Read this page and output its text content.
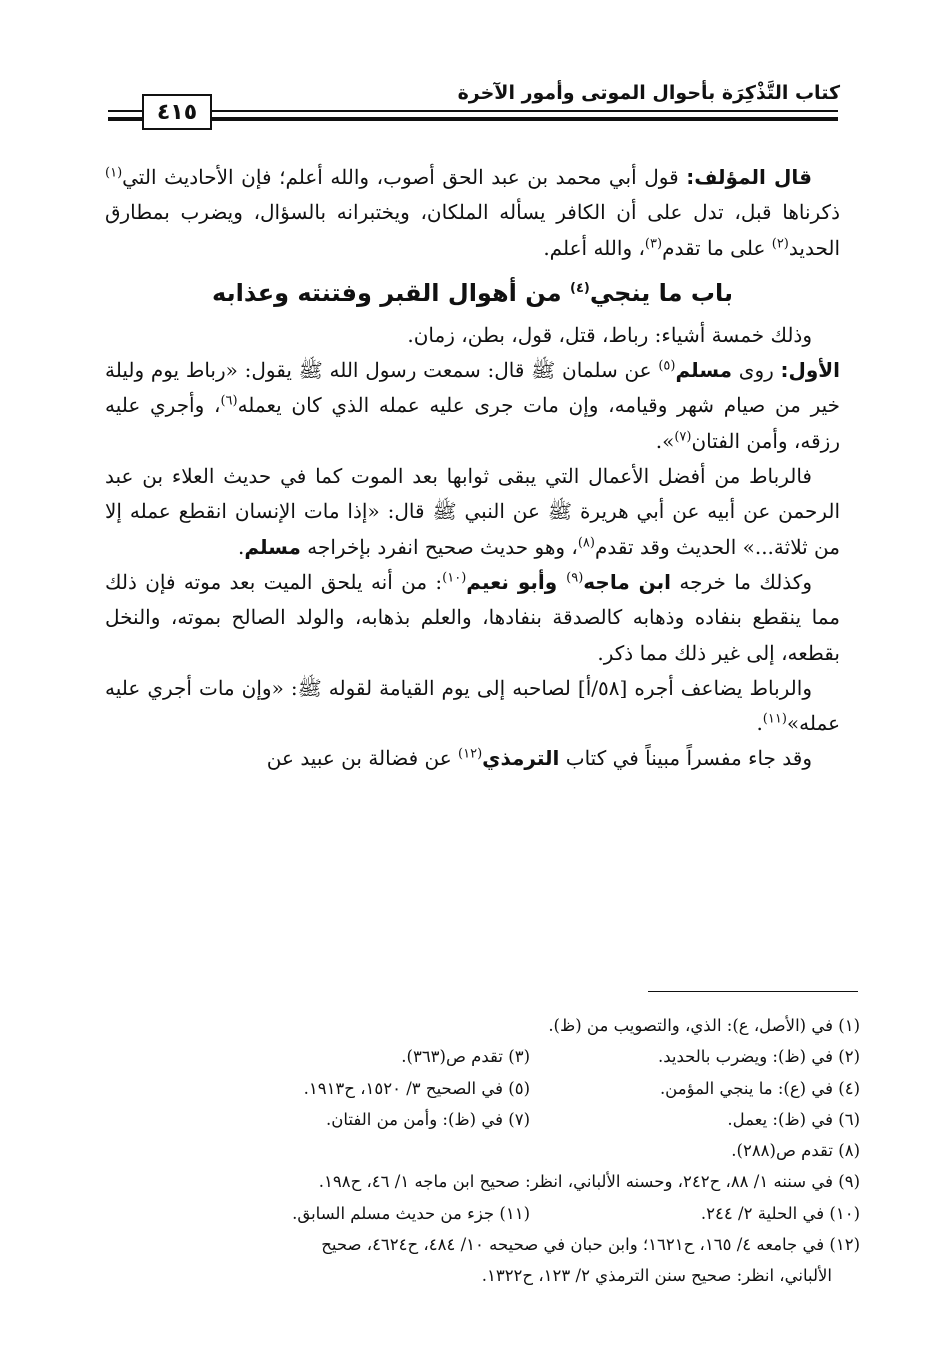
كتاب التَّذْكِرَة بأحوال الموتى وأمور الآخرة
٤١٥

قال المؤلف: قول أبي محمد بن عبد الحق أصوب، والله أعلم؛ فإن الأحاديث التي$^{(١)}$ ذكرناها قبل، تدل على أن الكافر يسأله الملكان، ويختبرانه بالسؤال، ويضرب بمطارق الحديد$^{(٢)}$ على ما تقدم$^{(٣)}$، والله أعلم.

باب ما ينجي$^{(٤)}$ من أهوال القبر وفتنته وعذابه

وذلك خمسة أشياء: رباط، قتل، قول، بطن، زمان.

الأول: روى مسلم$^{(٥)}$ عن سلمان ﷺ قال: سمعت رسول الله ﷺ يقول: «رباط يوم وليلة خير من صيام شهر وقيامه، وإن مات جرى عليه عمله الذي كان يعمله$^{(٦)}$، وأجري عليه رزقه، وأمن الفتان$^{(٧)}$».

فالرباط من أفضل الأعمال التي يبقى ثوابها بعد الموت كما في حديث العلاء بن عبد الرحمن عن أبيه عن أبي هريرة ﷺ عن النبي ﷺ قال: «إذا مات الإنسان انقطع عمله إلا من ثلاثة...» الحديث وقد تقدم$^{(٨)}$، وهو حديث صحيح انفرد بإخراجه مسلم.

وكذلك ما خرجه ابن ماجه$^{(٩)}$ وأبو نعيم$^{(١٠)}$: من أنه يلحق الميت بعد موته فإن ذلك مما ينقطع بنفاده وذهابه كالصدقة بنفادها، والعلم بذهابه، والولد الصالح بموته، والنخل بقطعه، إلى غير ذلك مما ذكر.

والرباط يضاعف أجره [٥٨/أ] لصاحبه إلى يوم القيامة لقوله ﷺ: «وإن مات أجري عليه عمله»$^{(١١)}$.

وقد جاء مفسراً مبيناً في كتاب الترمذي$^{(١٢)}$ عن فضالة بن عبيد عن

(١) في (الأصل، ع): الذي، والتصويب من (ظ).
(٢) في (ظ): ويضرب بالحديد.
(٣) تقدم ص(٣٦٣).
(٤) في (ع): ما ينجي المؤمن.
(٥) في الصحيح ٣/ ١٥٢٠، ح١٩١٣.
(٦) في (ظ): يعمل.
(٧) في (ظ): وأمن من الفتان.
(٨) تقدم ص(٢٨٨).
(٩) في سننه ١/ ٨٨، ح٢٤٢، وحسنه الألباني، انظر: صحيح ابن ماجه ١/ ٤٦، ح١٩٨.
(١٠) في الحلية ٢/ ٢٤٤.
(١١) جزء من حديث مسلم السابق.
(١٢) في جامعه ٤/ ١٦٥، ح١٦٢١؛ وابن حبان في صحيحه ١٠/ ٤٨٤، ح٤٦٢٤، صحيح
الألباني، انظر: صحيح سنن الترمذي ٢/ ١٢٣، ح١٣٢٢.
